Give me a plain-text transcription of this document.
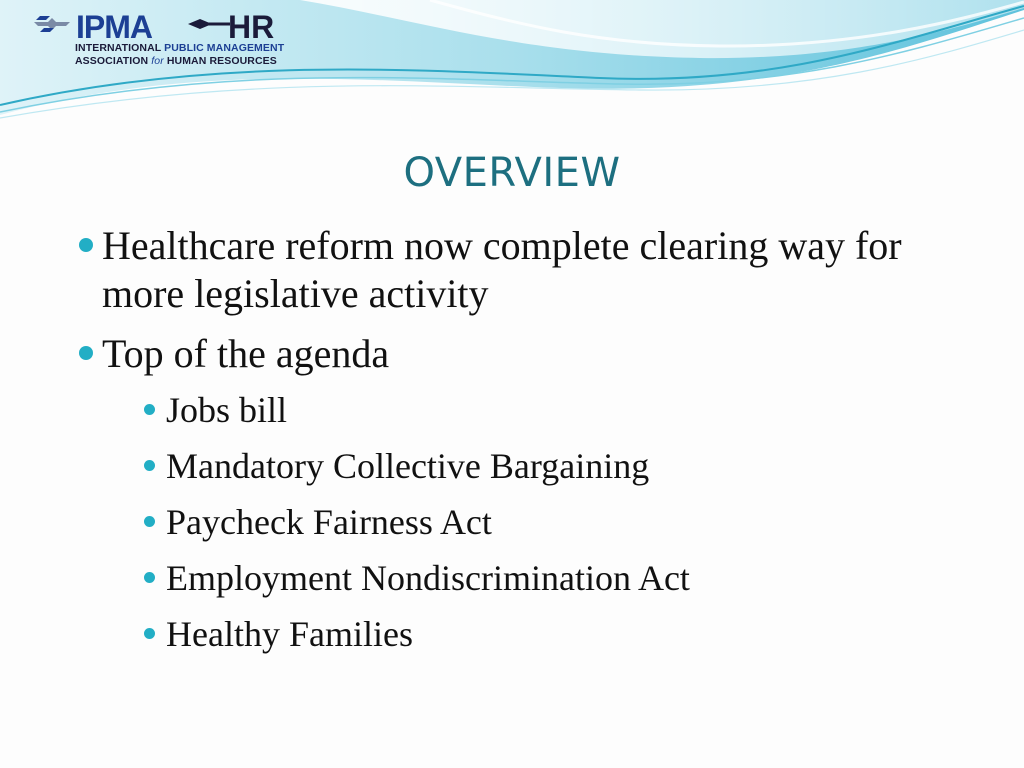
IPMA HR
INTERNATIONAL PUBLIC MANAGEMENT
ASSOCIATION for HUMAN RESOURCES
OVERVIEW
Healthcare reform now complete clearing way for more legislative activity
Top of the agenda
Jobs bill
Mandatory Collective Bargaining
Paycheck Fairness Act
Employment Nondiscrimination Act
Healthy Families
